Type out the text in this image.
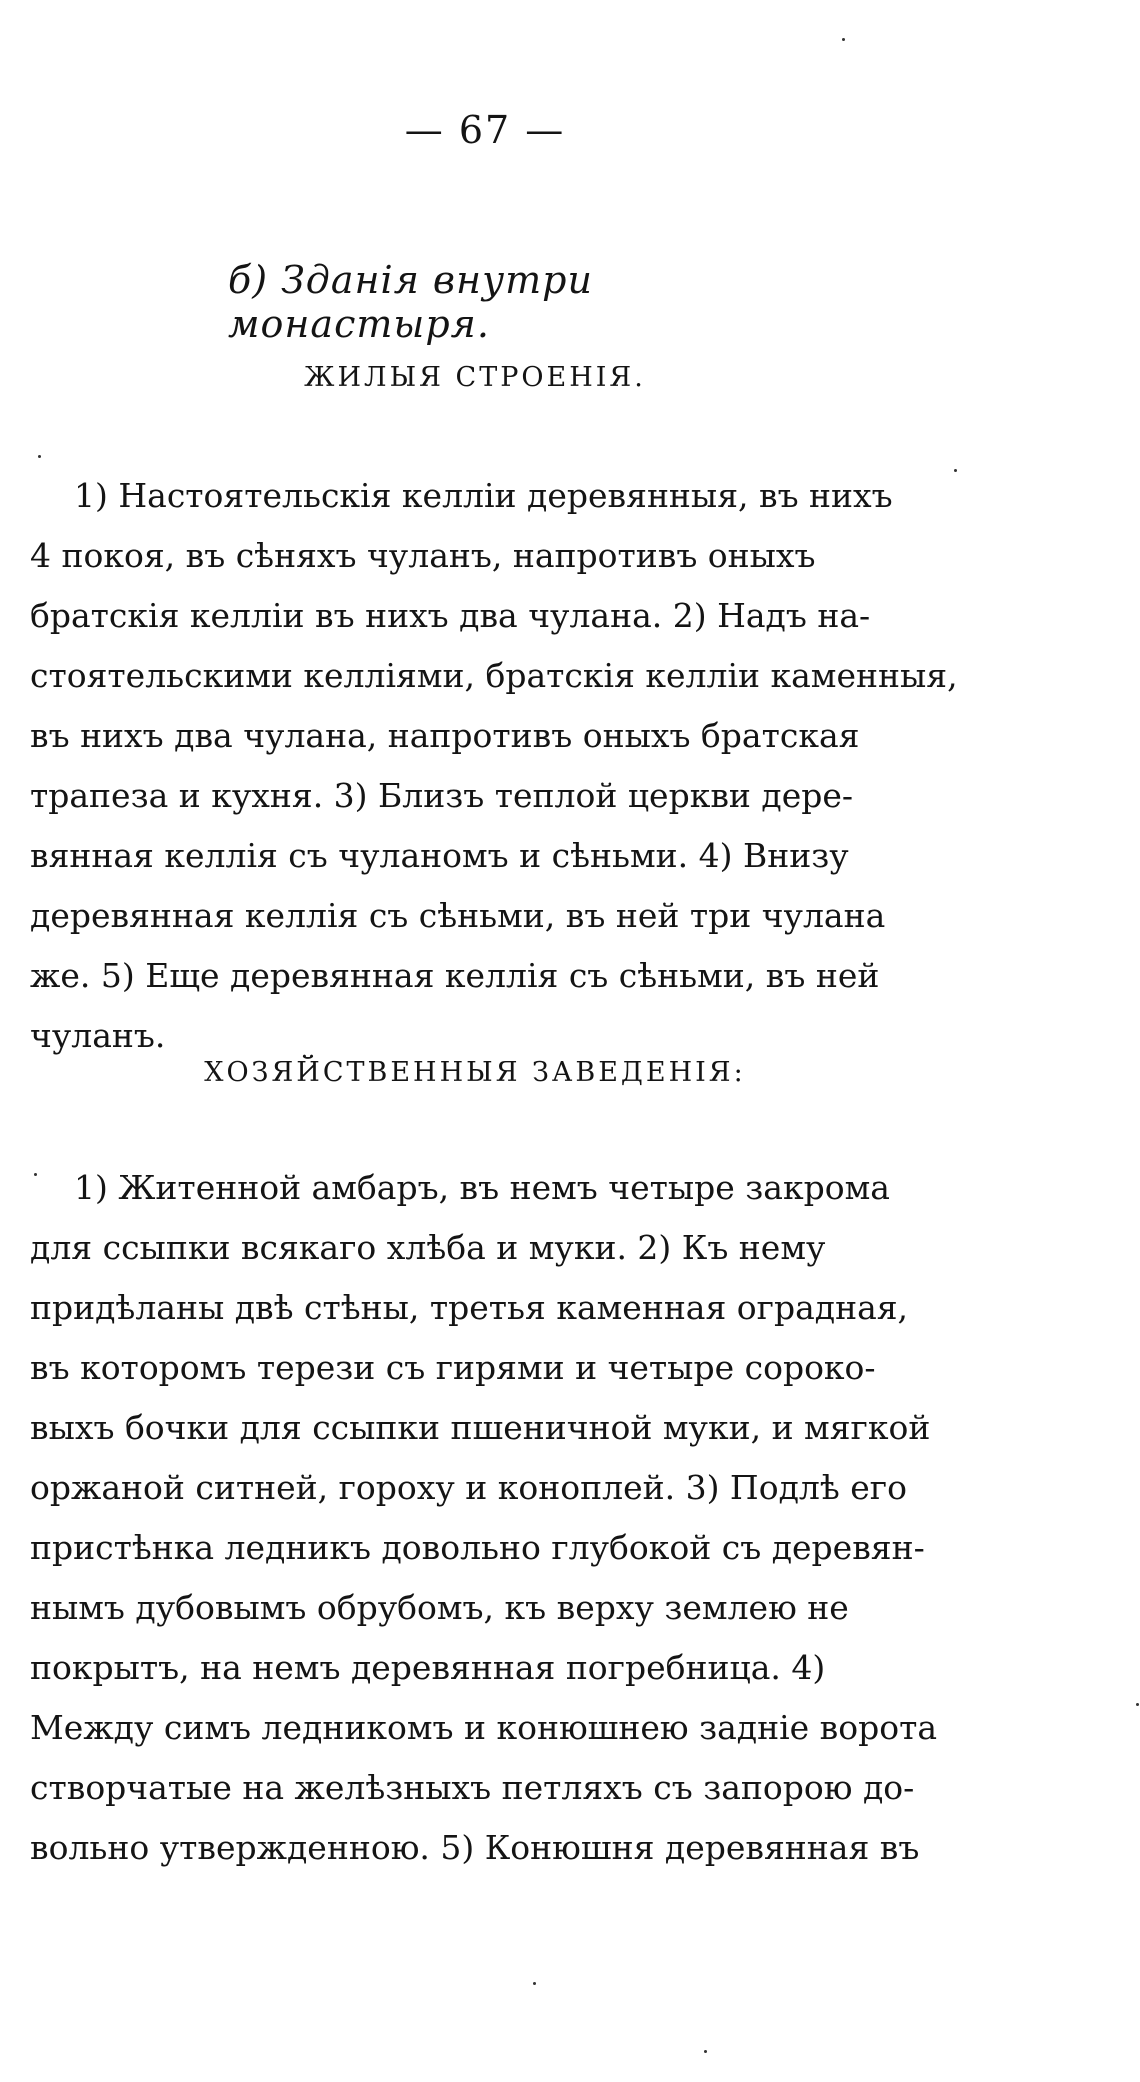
— 67 —
б) Зданія внутри монастыря.
ЖИЛЫЯ СТРОЕНІЯ.
1) Настоятельскія келліи деревянныя, въ нихъ
4 покоя, въ сѣняхъ чуланъ, напротивъ оныхъ
братскія келліи въ нихъ два чулана. 2) Надъ на-
стоятельскими келліями, братскія келліи каменныя,
въ нихъ два чулана, напротивъ оныхъ братская
трапеза и кухня. 3) Близъ теплой церкви дере-
вянная келлія съ чуланомъ и сѣньми. 4) Внизу
деревянная келлія съ сѣньми, въ ней три чулана
же. 5) Еще деревянная келлія съ сѣньми, въ ней
чуланъ.
ХОЗЯЙСТВЕННЫЯ ЗАВЕДЕНІЯ:
1) Житенной амбаръ, въ немъ четыре закрома
для ссыпки всякаго хлѣба и муки. 2) Къ нему
придѣланы двѣ стѣны, третья каменная оградная,
въ которомъ терези съ гирями и четыре сороко-
выхъ бочки для ссыпки пшеничной муки, и мягкой
оржаной ситней, гороху и коноплей. 3) Подлѣ его
пристѣнка ледникъ довольно глубокой съ деревян-
нымъ дубовымъ обрубомъ, къ верху землею не
покрытъ, на немъ деревянная погребница. 4)
Между симъ ледникомъ и конюшнею задніе ворота
створчатые на желѣзныхъ петляхъ съ запорою до-
вольно утвержденною. 5) Конюшня деревянная въ
